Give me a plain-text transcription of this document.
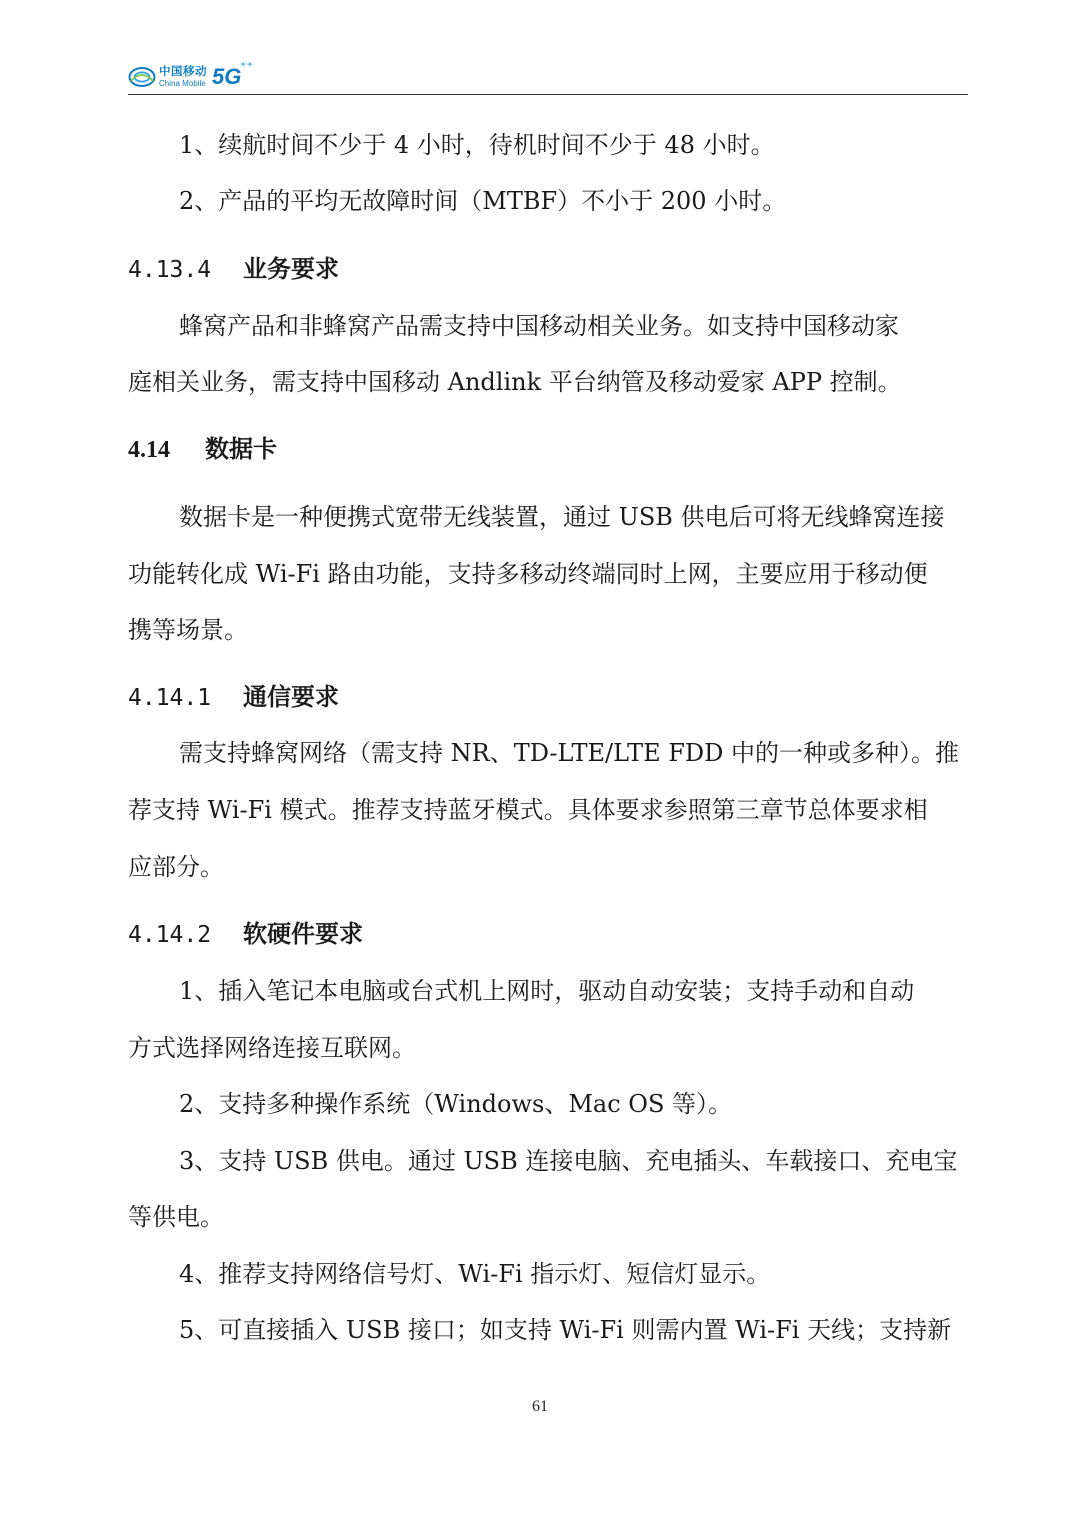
中国移动
China Mobile 5G
⁺⁺
1、续航时间不少于 4 小时，待机时间不少于 48 小时。
2、产品的平均无故障时间（MTBF）不小于 200 小时。
4.13.4 业务要求
蜂窝产品和非蜂窝产品需支持中国移动相关业务。如支持中国移动家
庭相关业务，需支持中国移动 Andlink 平台纳管及移动爱家 APP 控制。
4.14 数据卡
数据卡是一种便携式宽带无线装置，通过 USB 供电后可将无线蜂窝连接
功能转化成 Wi-Fi 路由功能，支持多移动终端同时上网，主要应用于移动便
携等场景。
4.14.1 通信要求
需支持蜂窝网络（需支持 NR、TD-LTE/LTE FDD 中的一种或多种）。推
荐支持 Wi-Fi 模式。推荐支持蓝牙模式。具体要求参照第三章节总体要求相
应部分。
4.14.2 软硬件要求
1、插入笔记本电脑或台式机上网时，驱动自动安装；支持手动和自动
方式选择网络连接互联网。
2、支持多种操作系统（Windows、Mac OS 等）。
3、支持 USB 供电。通过 USB 连接电脑、充电插头、车载接口、充电宝
等供电。
4、推荐支持网络信号灯、Wi-Fi 指示灯、短信灯显示。
5、可直接插入 USB 接口；如支持 Wi-Fi 则需内置 Wi-Fi 天线；支持新
61
